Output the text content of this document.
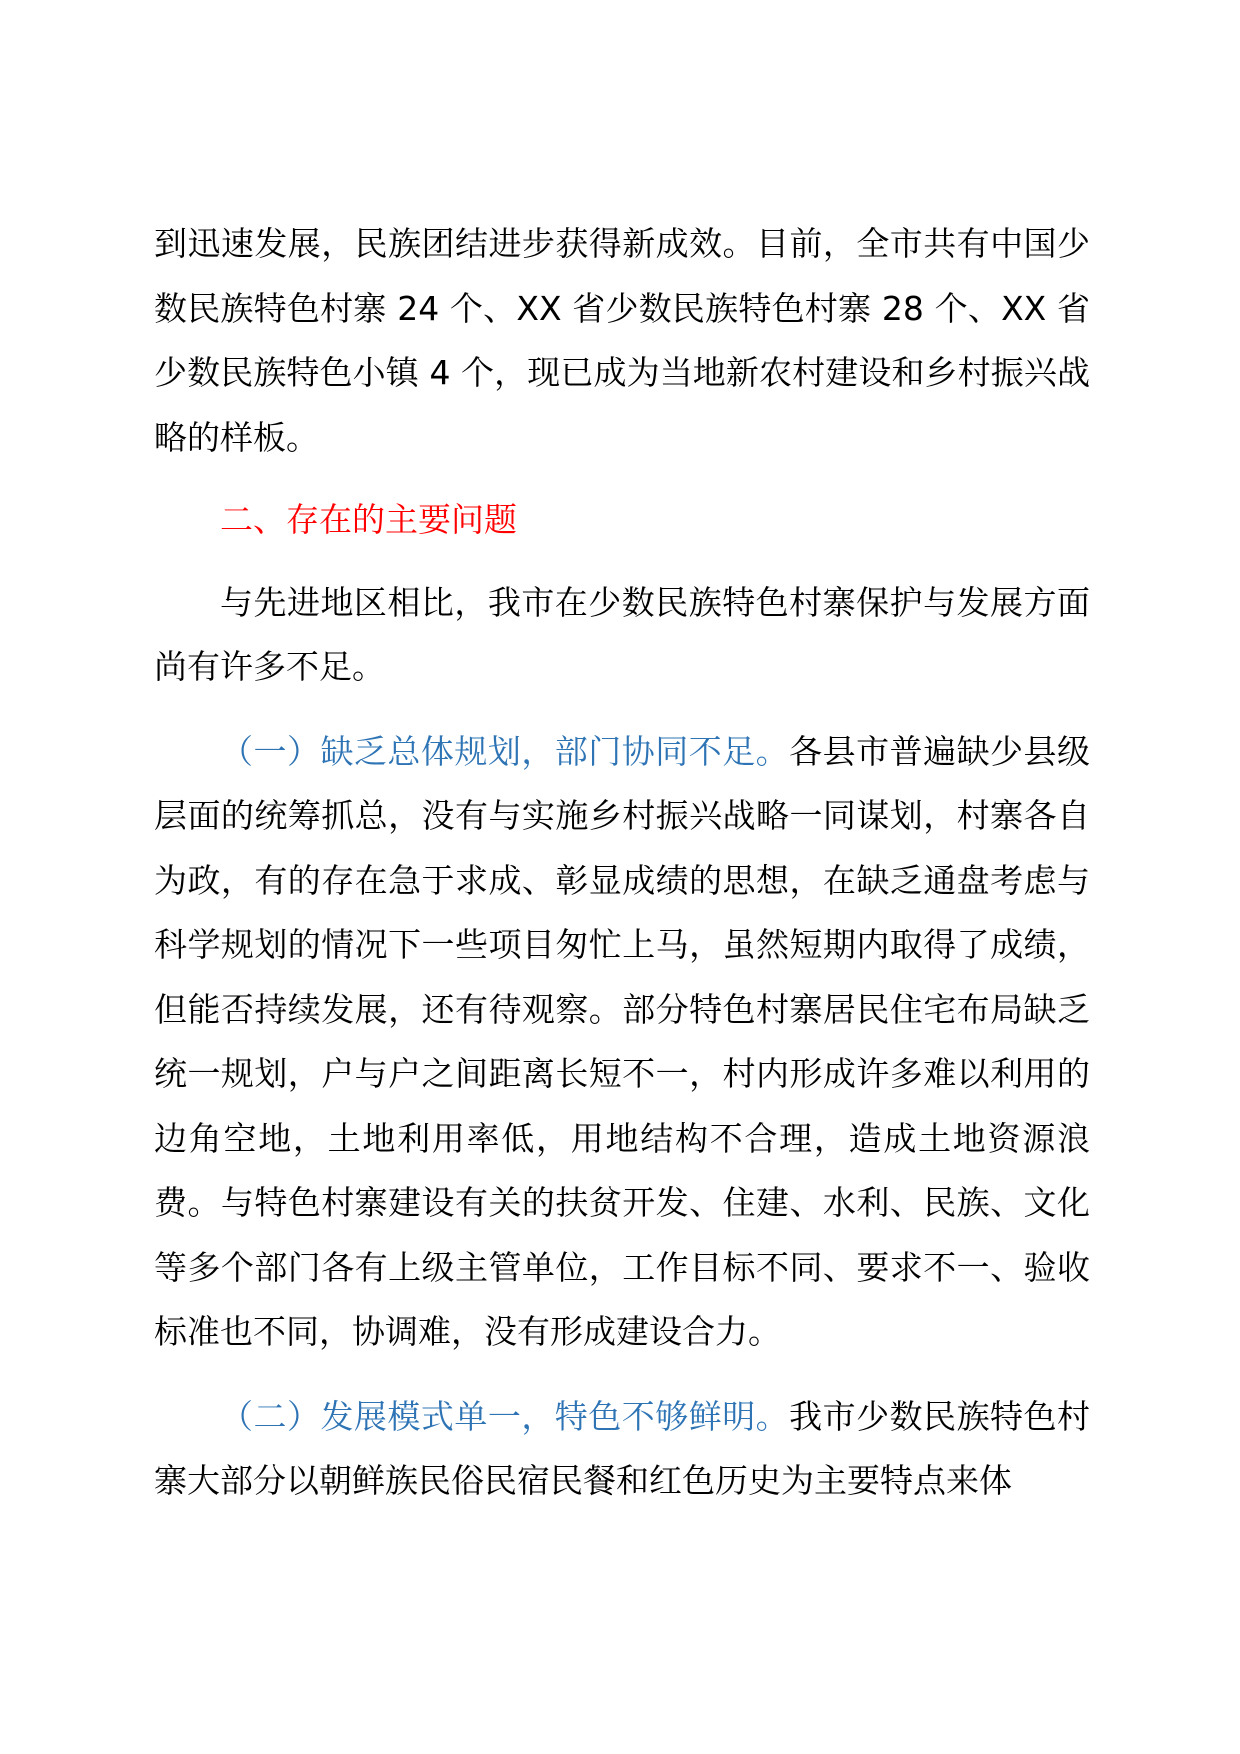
到迅速发展，民族团结进步获得新成效。目前，全市共有中国少数民族特色村寨 24 个、XX 省少数民族特色村寨 28 个、XX 省少数民族特色小镇 4 个，现已成为当地新农村建设和乡村振兴战略的样板。

二、存在的主要问题

与先进地区相比，我市在少数民族特色村寨保护与发展方面尚有许多不足。

（一）缺乏总体规划，部门协同不足。各县市普遍缺少县级层面的统筹抓总，没有与实施乡村振兴战略一同谋划，村寨各自为政，有的存在急于求成、彰显成绩的思想，在缺乏通盘考虑与科学规划的情况下一些项目匆忙上马，虽然短期内取得了成绩，但能否持续发展，还有待观察。部分特色村寨居民住宅布局缺乏统一规划，户与户之间距离长短不一，村内形成许多难以利用的边角空地，土地利用率低，用地结构不合理，造成土地资源浪费。与特色村寨建设有关的扶贫开发、住建、水利、民族、文化等多个部门各有上级主管单位，工作目标不同、要求不一、验收标准也不同，协调难，没有形成建设合力。

（二）发展模式单一，特色不够鲜明。我市少数民族特色村寨大部分以朝鲜族民俗民宿民餐和红色历史为主要特点来体
